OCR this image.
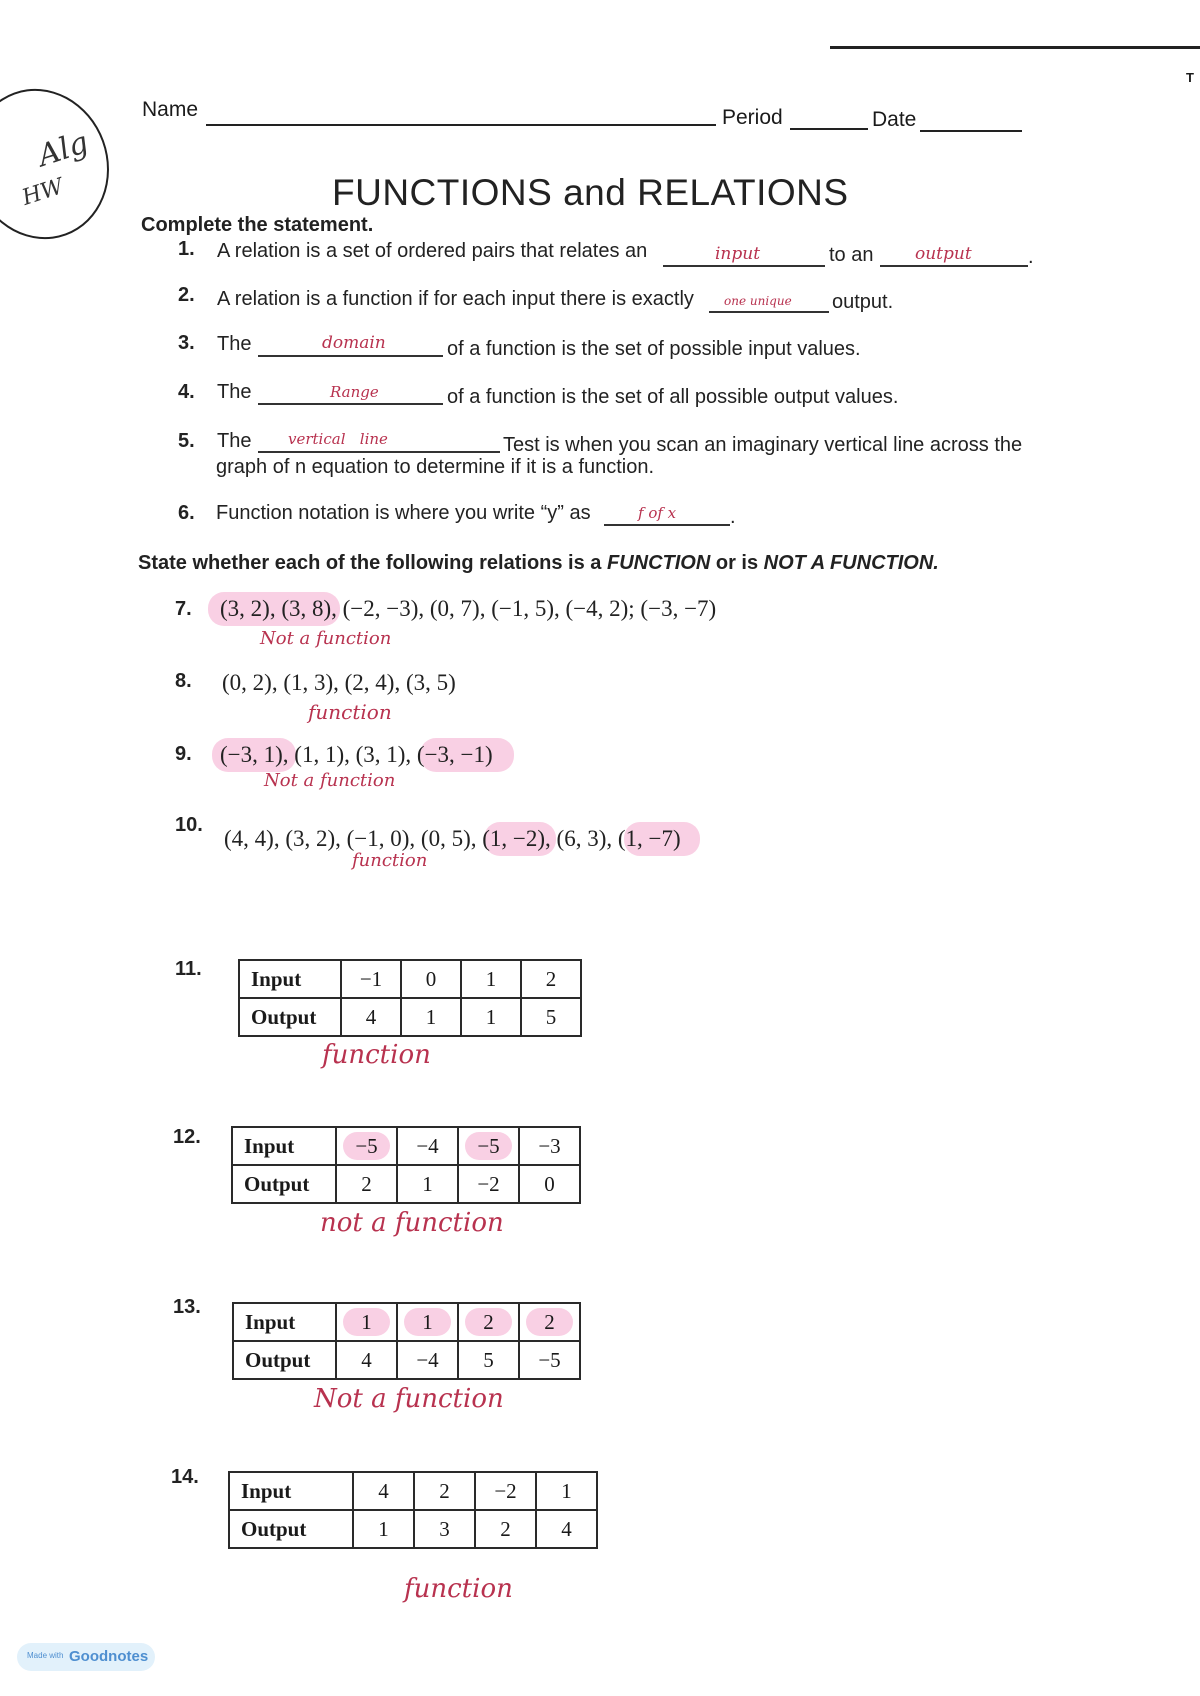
T
Alg
HW
Name	Period	Date
FUNCTIONS and RELATIONS
Complete the statement.
1. A relation is a set of ordered pairs that relates an	input	to an output	.
2. A relation is a function if for each input there is exactly	one unique output.
3. The	domain	of a function is the set of possible input values.
4. The	Range	of a function is the set of all possible output values.
5. The vertical   line	Test is when you scan an imaginary vertical line across the
graph of n equation to determine if it is a function.
6. Function notation is where you write “y” as	f of x	.
State whether each of the following relations is a FUNCTION or is NOT A FUNCTION.
7. (3, 2), (3, 8), (−2, −3), (0, 7), (−1, 5), (−4, 2); (−3, −7)
Not a function
8. (0, 2), (1, 3), (2, 4), (3, 5)
function
9. (−3, 1), (1, 1), (3, 1), (−3, −1)
Not a function
10.
(4, 4), (3, 2), (−1, 0), (0, 5), (1, −2), (6, 3), (1, −7)
function
11. Input	−1	0	1	2
Output	4	1	1	5
function
12. Input	−5	−4	−5	−3
Output	2	1	−2	0
not a function
13.
Input	1	1	2	2
Output	4	−4	5	−5
Not a function
14.
Input	4	2	−2	1
Output	1	3	2	4
function
Made with Goodnotes
